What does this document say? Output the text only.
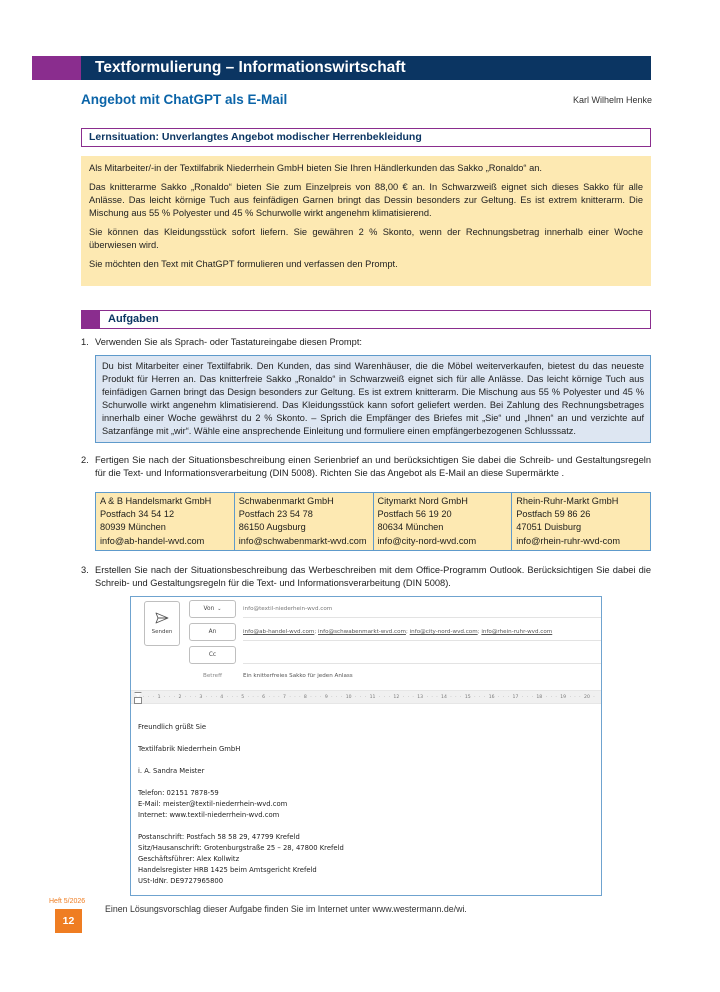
Textformulierung – Informationswirtschaft
Angebot mit ChatGPT als E-Mail	Karl Wilhelm Henke
Lernsituation: Unverlangtes Angebot modischer Herrenbekleidung

Als Mitarbeiter/-in der Textilfabrik Niederrhein GmbH bieten Sie Ihren Händlerkunden das Sakko „Ronaldo“ an.

Das knitterarme Sakko „Ronaldo“ bieten Sie zum Einzelpreis von 88,00 € an. In Schwarzweiß eignet sich dieses Sakko für alle Anlässe. Das leicht körnige Tuch aus feinfädigen Garnen bringt das Dessin besonders zur Geltung. Es ist extrem knitterarm. Die Mischung aus 55 % Polyester und 45 % Schurwolle wirkt angenehm klimatisierend.

Sie können das Kleidungsstück sofort liefern. Sie gewähren 2 % Skonto, wenn der Rechnungsbetrag innerhalb einer Woche überwiesen wird.

Sie möchten den Text mit ChatGPT formulieren und verfassen den Prompt.

Aufgaben
1. Verwenden Sie als Sprach- oder Tastatureingabe diesen Prompt:
Du bist Mitarbeiter einer Textilfabrik. Den Kunden, das sind Warenhäuser, die die Möbel weiterverkaufen, bietest du das neueste Produkt für Herren an. Das knitterfreie Sakko „Ronaldo“ in Schwarzweiß eignet sich für alle Anlässe. Das leicht körnige Tuch aus feinfädigen Garnen bringt das Design besonders zur Geltung. Es ist extrem knitterarm. Die Mischung aus 55 % Polyester und 45 % Schurwolle wirkt angenehm klimatisierend. Das Kleidungsstück kann sofort geliefert werden. Bei Zahlung des Rechnungsbetrages innerhalb einer Woche gewährst du 2 % Skonto. – Sprich die Empfänger des Briefes mit „Sie“ und „Ihnen“ an und verzichte auf Satzanfänge mit „wir“. Wähle eine ansprechende Einleitung und formuliere einen empfängerbezogenen Schlusssatz.
2. Fertigen Sie nach der Situationsbeschreibung einen Serienbrief an und berücksichtigen Sie dabei die Schreib- und Gestaltungsregeln für die Text- und Informationsverarbeitung (DIN 5008). Richten Sie das Angebot als E-Mail an diese Supermärkte .
A & B Handelsmarkt GmbH
Postfach 34 54 12
80939 München
info@ab-handel-wvd.com

Schwabenmarkt GmbH
Postfach 23 54 78
86150 Augsburg
info@schwabenmarkt-wvd.com

Citymarkt Nord GmbH
Postfach 56 19 20
80634 München
info@city-nord-wvd.com

Rhein-Ruhr-Markt GmbH
Postfach 59 86 26
47051 Duisburg
info@rhein-ruhr-wvd-com
3. Erstellen Sie nach der Situationsbeschreibung das Werbeschreiben mit dem Office-Programm Outlook. Berücksichtigen Sie dabei die Schreib- und Gestaltungsregeln für die Text- und Informationsverarbeitung (DIN 5008).
Senden
Von ⌄	info@textil-niederhein-wvd.com
An	info@ab-handel-wvd.com; info@schwabenmarkt-wvd.com; info@city-nord-wvd.com; info@rhein-ruhr-wvd.com
Cc
Betreff	Ein knitterfreies Sakko für jeden Anlass
· · · 1 · · · 2 · · · 3 · · · 4 · · · 5 · · · 6 · · · 7 · · · 8 · · · 9 · · · 10 · · · 11 · · · 12 · · · 13 · · · 14 · · · 15 · · · 16 · · · 17 · · · 18 · · · 19 · · · 20 ·
Freundlich grüßt Sie
Textilfabrik Niederrhein GmbH
i. A. Sandra Meister
Telefon: 02151 7878-59
E-Mail: meister@textil-niederrhein-wvd.com
Internet: www.textil-niederrhein-wvd.com
Postanschrift: Postfach 58 58 29, 47799 Krefeld
Sitz/Hausanschrift: Grotenburgstraße 25 – 28, 47800 Krefeld
Geschäftsführer: Alex Kollwitz
Handelsregister HRB 1425 beim Amtsgericht Krefeld
USt-IdNr. DE9727965800
Heft 5/2026
12
Einen Lösungsvorschlag dieser Aufgabe finden Sie im Internet unter www.westermann.de/wi.
